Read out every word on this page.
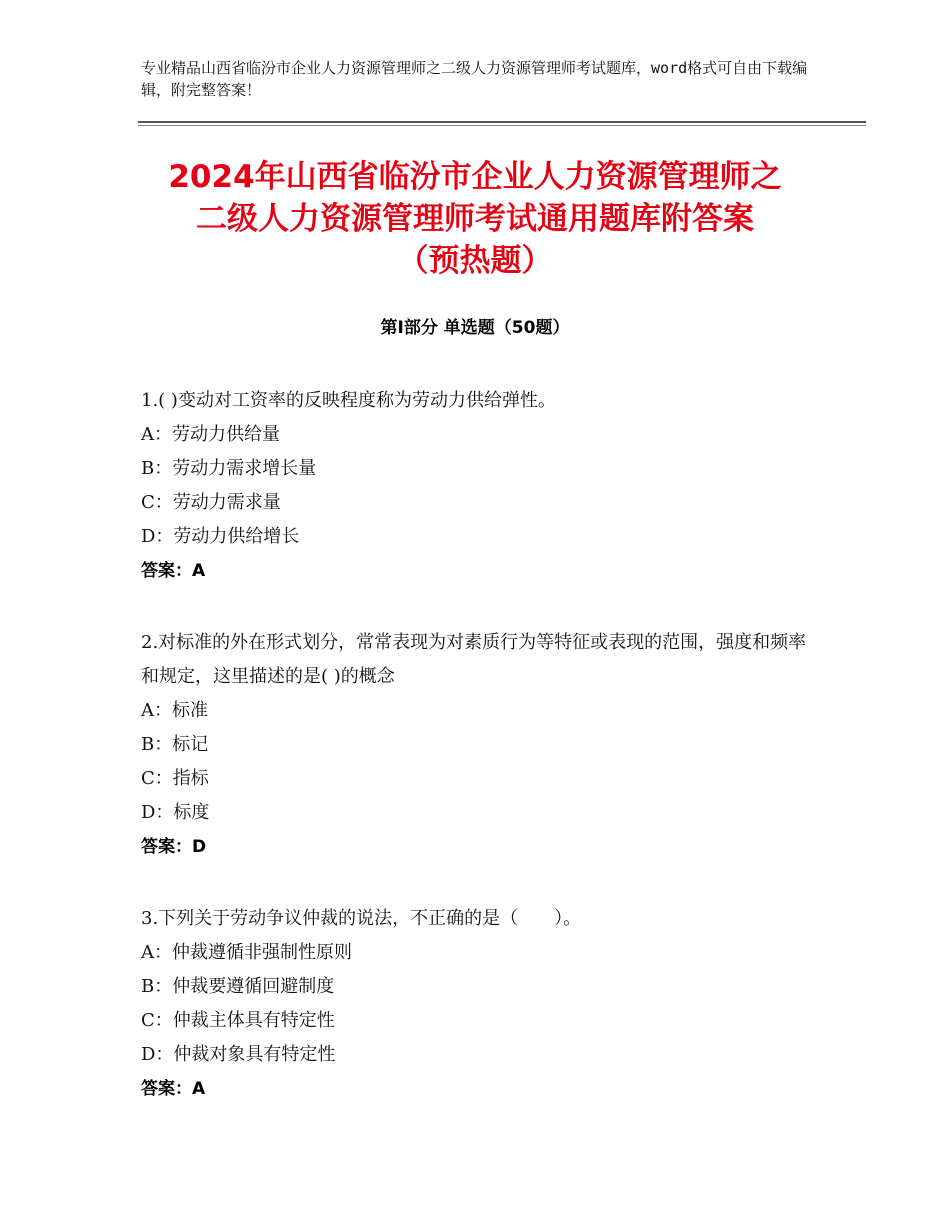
专业精品山西省临汾市企业人力资源管理师之二级人力资源管理师考试题库，word格式可自由下载编辑，附完整答案！
2024年山西省临汾市企业人力资源管理师之
二级人力资源管理师考试通用题库附答案
（预热题）
第Ⅰ部分 单选题（50题）
1.( )变动对工资率的反映程度称为劳动力供给弹性。
A：劳动力供给量
B：劳动力需求增长量
C：劳动力需求量
D：劳动力供给增长
答案：A
2.对标准的外在形式划分，常常表现为对素质行为等特征或表现的范围，强度和频率和规定，这里描述的是( )的概念
A：标准
B：标记
C：指标
D：标度
答案：D
3.下列关于劳动争议仲裁的说法，不正确的是（　　）。
A：仲裁遵循非强制性原则
B：仲裁要遵循回避制度
C：仲裁主体具有特定性
D：仲裁对象具有特定性
答案：A
